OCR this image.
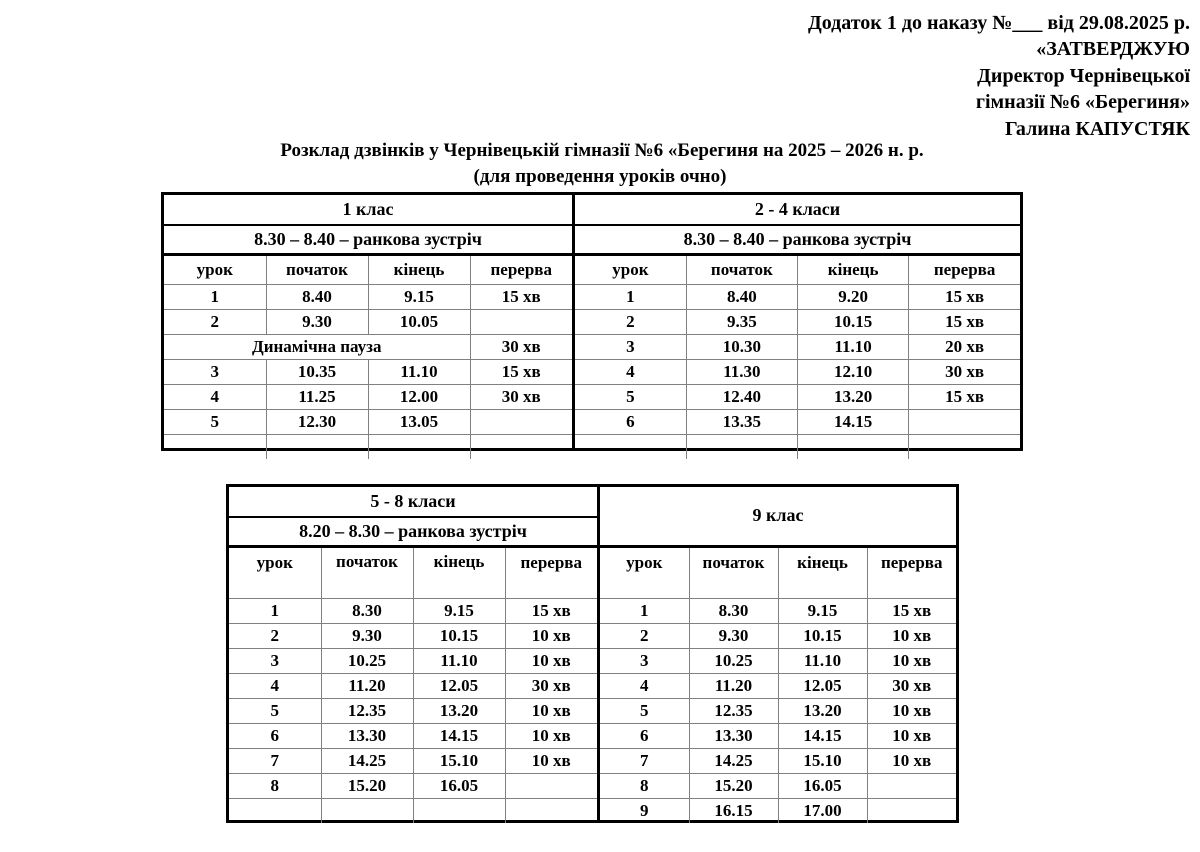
Додаток 1 до наказу №___ від 29.08.2025 р.
«ЗАТВЕРДЖУЮ
Директор Чернівецької
гімназії №6 «Берегиня»
Галина КАПУСТЯК
Розклад дзвінків у Чернівецькій гімназії №6 «Берегиня на 2025 – 2026 н. р.
(для проведення уроків очно)
1 клас			
8.30 – 8.40 – ранкова зустріч			
урок	початок	кінець	перерва
1	8.40	9.15	15 хв
2	9.30	10.05	
Динамічна пауза			30 хв
3	10.35	11.10	15 хв
4	11.25	12.00	30 хв
5	12.30	13.05	

2 - 4 класи			
8.30 – 8.40 – ранкова зустріч			
урок	початок	кінець	перерва
1	8.40	9.20	15 хв
2	9.35	10.15	15 хв
3	10.30	11.10	20 хв
4	11.30	12.10	30 хв
5	12.40	13.20	15 хв
6	13.35	14.15	

5 - 8 класи			
8.20 – 8.30 – ранкова зустріч			
урок	початок	кінець	перерва
1	8.30	9.15	15 хв
2	9.30	10.15	10 хв
3	10.25	11.10	10 хв
4	11.20	12.05	30 хв
5	12.35	13.20	10 хв
6	13.30	14.15	10 хв
7	14.25	15.10	10 хв
8	15.20	16.05	

9 клас			
урок	початок	кінець	перерва
1	8.30	9.15	15 хв
2	9.30	10.15	10 хв
3	10.25	11.10	10 хв
4	11.20	12.05	30 хв
5	12.35	13.20	10 хв
6	13.30	14.15	10 хв
7	14.25	15.10	10 хв
8	15.20	16.05	
9	16.15	17.00	
